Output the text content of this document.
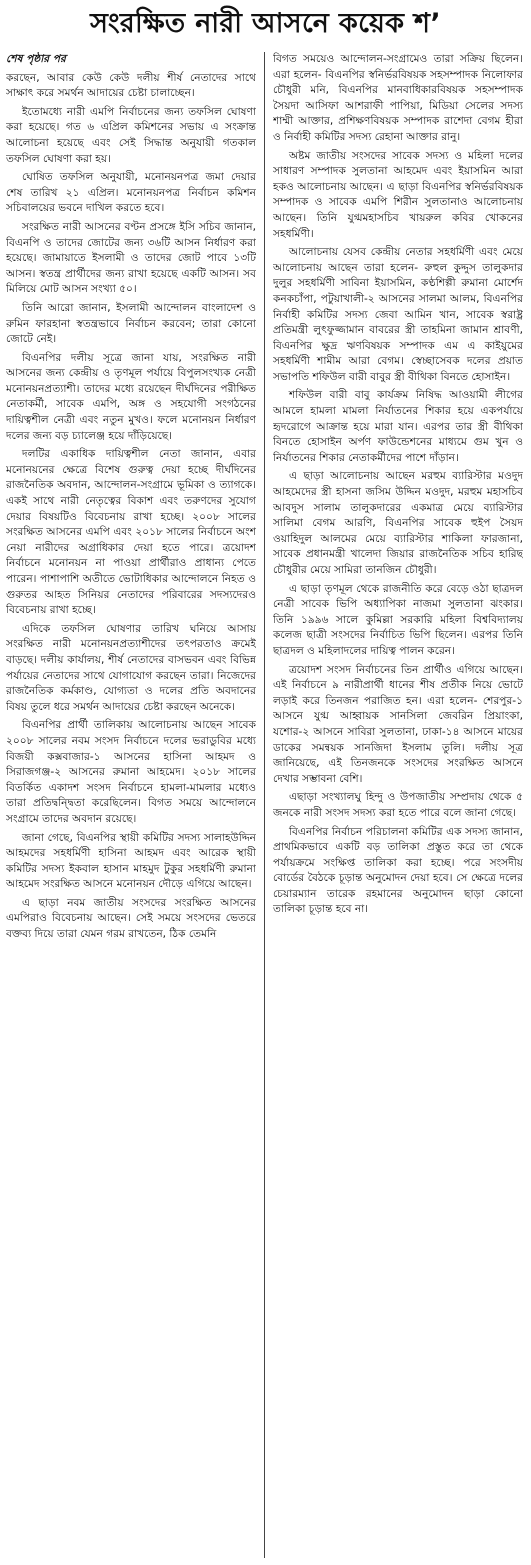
সংরক্ষিত নারী আসনে কয়েক শ’
শেষ পৃষ্ঠার পর

করছেন, আবার কেউ কেউ দলীয় শীর্ষ নেতাদের সাথে সাক্ষাৎ করে সমর্থন আদায়ের চেষ্টা চালাচ্ছেন।

ইতোমধ্যে নারী এমপি নির্বাচনের জন্য তফসিল ঘোষণা করা হয়েছে। গত ৬ এপ্রিল কমিশনের সভায় এ সংক্রান্ত আলোচনা হয়েছে এবং সেই সিদ্ধান্ত অনুযায়ী গতকাল তফসিল ঘোষণা করা হয়।

ঘোষিত তফসিল অনুযায়ী, মনোনয়নপত্র জমা দেয়ার শেষ তারিখ ২১ এপ্রিল। মনোনয়নপত্র নির্বাচন কমিশন সচিবালয়ের ভবনে দাখিল করতে হবে।

সংরক্ষিত নারী আসনের বণ্টন প্রসঙ্গে ইসি সচিব জানান, বিএনপি ও তাদের জোটের জন্য ৩৬টি আসন নির্ধারণ করা হয়েছে। জামায়াতে ইসলামী ও তাদের জোট পাবে ১৩টি আসন। স্বতন্ত্র প্রার্থীদের জন্য রাখা হয়েছে একটি আসন। সব মিলিয়ে মোট আসন সংখ্যা ৫০।

তিনি আরো জানান, ইসলামী আন্দোলন বাংলাদেশ ও রুমিন ফারহানা স্বতন্ত্রভাবে নির্বাচন করবেন; তারা কোনো জোটে নেই।

বিএনপির দলীয় সূত্রে জানা যায়, সংরক্ষিত নারী আসনের জন্য কেন্দ্রীয় ও তৃণমূল পর্যায়ে বিপুলসংখ্যক নেত্রী মনোনয়নপ্রত্যাশী। তাদের মধ্যে রয়েছেন দীর্ঘদিনের পরীক্ষিত নেতাকর্মী, সাবেক এমপি, অঙ্গ ও সহযোগী সংগঠনের দায়িত্বশীল নেত্রী এবং নতুন মুখও। ফলে মনোনয়ন নির্ধারণ দলের জন্য বড় চ্যালেঞ্জ হয়ে দাঁড়িয়েছে।

দলটির একাধিক দায়িত্বশীল নেতা জানান, এবার মনোনয়নের ক্ষেত্রে বিশেষ গুরুত্ব দেয়া হচ্ছে দীর্ঘদিনের রাজনৈতিক অবদান, আন্দোলন-সংগ্রামে ভূমিকা ও ত্যাগকে। একই সাথে নারী নেতৃত্বের বিকাশ এবং তরুণদের সুযোগ দেয়ার বিষয়টিও বিবেচনায় রাখা হচ্ছে। ২০০৮ সালের সংরক্ষিত আসনের এমপি এবং ২০১৮ সালের নির্বাচনে অংশ নেয়া নারীদের অগ্রাধিকার দেয়া হতে পারে। ত্রয়োদশ নির্বাচনে মনোনয়ন না পাওয়া প্রার্থীরাও প্রাধান্য পেতে পারেন। পাশাপাশি অতীতে ভোটাধিকার আন্দোলনে নিহত ও গুরুতর আহত সিনিয়র নেতাদের পরিবারের সদস্যদেরও বিবেচনায় রাখা হচ্ছে।

এদিকে তফসিল ঘোষণার তারিখ ঘনিয়ে আসায় সংরক্ষিত নারী মনোনয়নপ্রত্যাশীদের তৎপরতাও ক্রমেই বাড়ছে। দলীয় কার্যালয়, শীর্ষ নেতাদের বাসভবন এবং বিভিন্ন পর্যায়ের নেতাদের সাথে যোগাযোগ করছেন তারা। নিজেদের রাজনৈতিক কর্মকাণ্ড, যোগ্যতা ও দলের প্রতি অবদানের বিষয় তুলে ধরে সমর্থন আদায়ের চেষ্টা করছেন অনেকে।

বিএনপির প্রার্থী তালিকায় আলোচনায় আছেন সাবেক ২০০৮ সালের নবম সংসদ নির্বাচনে দলের ভরাডুবির মধ্যে বিজয়ী কক্সবাজার-১ আসনের হাসিনা আহমদ ও সিরাজগঞ্জ-২ আসনের রুমানা আহমেদ। ২০১৮ সালের বিতর্কিত একাদশ সংসদ নির্বাচনে হামলা-মামলার মধ্যেও তারা প্রতিদ্বন্দ্বিতা করেছিলেন। বিগত সময়ে আন্দোলনে সংগ্রামে তাদের অবদান রয়েছে।

জানা গেছে, বিএনপির স্থায়ী কমিটির সদস্য সালাহউদ্দিন আহমদের সহধর্মিণী হাসিনা আহমদ এবং আরেক স্থায়ী কমিটির সদস্য ইকবাল হাসান মাহমুদ টুকুর সহধর্মিণী রুমানা আহমেদ সংরক্ষিত আসনে মনোনয়ন দৌড়ে এগিয়ে আছেন।

এ ছাড়া নবম জাতীয় সংসদের সংরক্ষিত আসনের এমপিরাও বিবেচনায় আছেন। সেই সময়ে সংসদের ভেতরে বক্তব্য দিয়ে তারা যেমন গরম রাখতেন, ঠিক তেমনি

বিগত সময়েও আন্দোলন-সংগ্রামেও তারা সক্রিয় ছিলেন। এরা হলেন- বিএনপির স্বনির্ভরবিষয়ক সহসম্পাদক নিলোফার চৌধুরী মনি, বিএনপির মানবাধিকারবিষয়ক সহসম্পাদক সৈয়দা আসিফা আশরাফী পাপিয়া, মিডিয়া সেলের সদস্য শাম্মী আক্তার, প্রশিক্ষণবিষয়ক সম্পাদক রাশেদা বেগম হীরা ও নির্বাহী কমিটির সদস্য রেহানা আক্তার রানু।

অষ্টম জাতীয় সংসদের সাবেক সদস্য ও মহিলা দলের সাধারণ সম্পাদক সুলতানা আহমেদ এবং ইয়াসমিন আরা হকও আলোচনায় আছেন। এ ছাড়া বিএনপির স্বনির্ভরবিষয়ক সম্পাদক ও সাবেক এমপি শিরীন সুলতানাও আলোচনায় আছেন। তিনি যুগ্মমহাসচিব খায়রুল কবির খোকনের সহধর্মিণী।

আলোচনায় যেসব কেন্দ্রীয় নেতার সহধর্মিণী এবং মেয়ে আলোচনায় আছেন তারা হলেন- রুহুল কুদ্দুস তালুকদার দুলুর সহধর্মিণী সাবিনা ইয়াসমিন, কণ্ঠশিল্পী রুমানা মোর্শেদ কনকচাঁপা, পটুয়াখালী-২ আসনের সালমা আলম, বিএনপির নির্বাহী কমিটির সদস্য জেবা আমিন খান, সাবেক স্বরাষ্ট্র প্রতিমন্ত্রী লুৎফুজ্জামান বাবরের স্ত্রী তাহমিনা জামান শ্রাবণী, বিএনপির ক্ষুদ্র ঋণবিষয়ক সম্পাদক এম এ কাইয়ুমের সহধর্মিণী শামীম আরা বেগম। স্বেচ্ছাসেবক দলের প্রয়াত সভাপতি শফিউল বারী বাবুর স্ত্রী বীথিকা বিনতে হোসাইন।

শফিউল বারী বাবু কার্যক্রম নিষিদ্ধ আওয়ামী লীগের আমলে হামলা মামলা নির্যাতনের শিকার হয়ে একপর্যায়ে হৃদরোগে আক্রান্ত হয়ে মারা যান। এরপর তার স্ত্রী বীথিকা বিনতে হোসাইন অর্পণ ফাউন্ডেশনের মাধ্যমে গুম খুন ও নির্যাতনের শিকার নেতাকর্মীদের পাশে দাঁড়ান।

এ ছাড়া আলোচনায় আছেন মরহুম ব্যারিস্টার মওদুদ আহমেদের স্ত্রী হাসনা জসিম উদ্দিন মওদুদ, মরহুম মহাসচিব আবদুস সালাম তালুকদারের একমাত্র মেয়ে ব্যারিস্টার সালিমা বেগম আরণি, বিএনপির সাবেক হুইপ সৈয়দ ওয়াহিদুল আলমের মেয়ে ব্যারিস্টার শাকিলা ফারজানা, সাবেক প্রধানমন্ত্রী খালেদা জিয়ার রাজনৈতিক সচিব হারিছ চৌধুরীর মেয়ে সামিরা তানজিন চৌধুরী।

এ ছাড়া তৃণমূল থেকে রাজনীতি করে বেড়ে ওঠা ছাত্রদল নেত্রী সাবেক ভিপি অধ্যাপিকা নাজমা সুলতানা ঝংকার। তিনি ১৯৯৬ সালে কুমিল্লা সরকারি মহিলা বিশ্ববিদ্যালয় কলেজ ছাত্রী সংসদের নির্বাচিত ভিপি ছিলেন। এরপর তিনি ছাত্রদল ও মহিলাদলের দায়িত্ব পালন করেন।

ত্রয়োদশ সংসদ নির্বাচনের তিন প্রার্থীও এগিয়ে আছেন। এই নির্বাচনে ৯ নারীপ্রার্থী ধানের শীষ প্রতীক নিয়ে ভোটে লড়াই করে তিনজন পরাজিত হন। এরা হলেন- শেরপুর-১ আসনে যুগ্ম আহ্বায়ক সানসিলা জেবরিন প্রিয়াংকা, যশোর-২ আসনে সাবিরা সুলতানা, ঢাকা-১৪ আসনে মায়ের ডাকের সমন্বয়ক সানজিদা ইসলাম তুলি। দলীয় সূত্র জানিয়েছে, এই তিনজনকে সংসদের সংরক্ষিত আসনে দেখার সম্ভাবনা বেশি।

এছাড়া সংখ্যালঘু হিন্দু ও উপজাতীয় সম্প্রদায় থেকে ৫ জনকে নারী সংসদ সদস্য করা হতে পারে বলে জানা গেছে।

বিএনপির নির্বাচন পরিচালনা কমিটির এক সদস্য জানান, প্রাথমিকভাবে একটি বড় তালিকা প্রস্তুত করে তা থেকে পর্যায়ক্রমে সংক্ষিপ্ত তালিকা করা হচ্ছে। পরে সংসদীয় বোর্ডের বৈঠকে চূড়ান্ত অনুমোদন দেয়া হবে। সে ক্ষেত্রে দলের চেয়ারম্যান তারেক রহমানের অনুমোদন ছাড়া কোনো তালিকা চূড়ান্ত হবে না।
